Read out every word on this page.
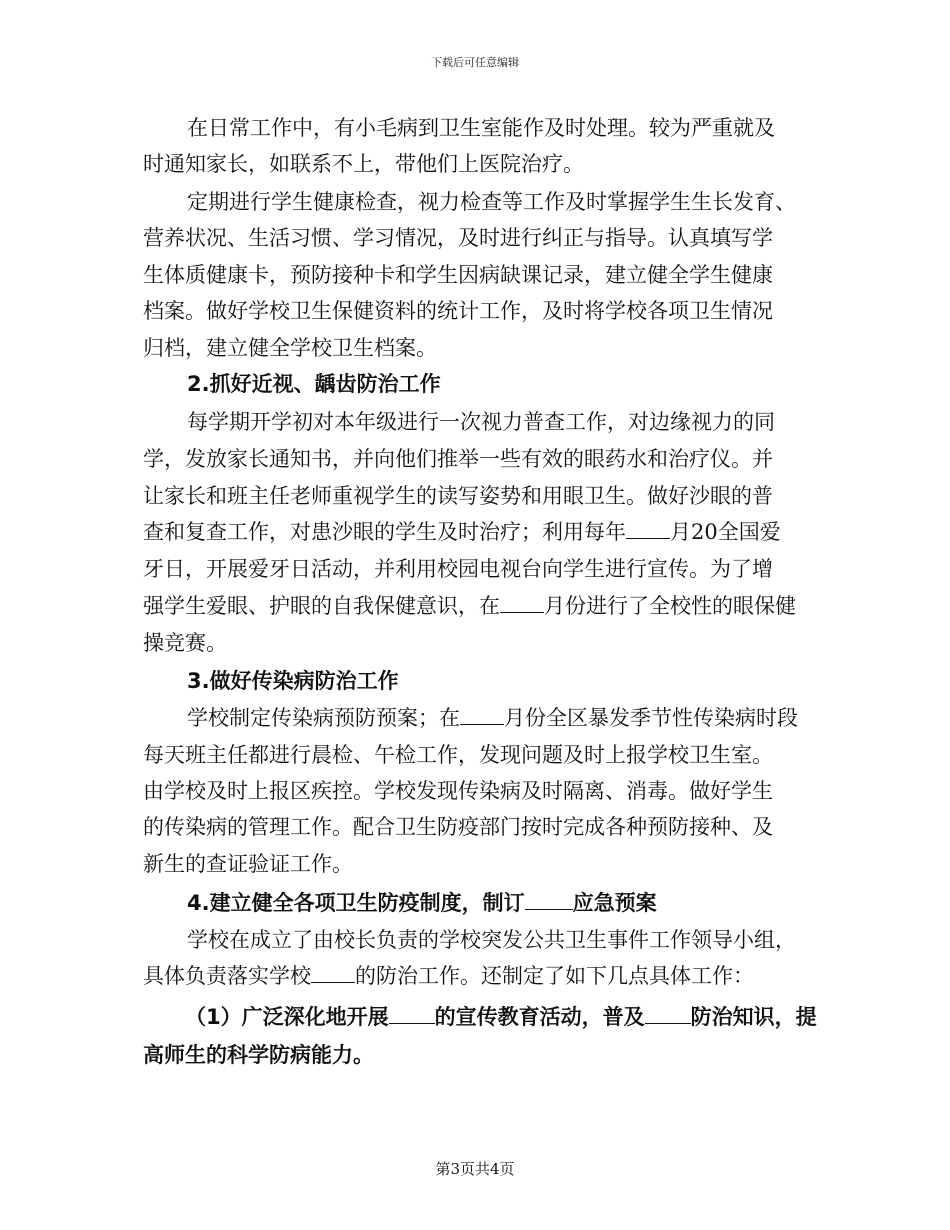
下载后可任意编辑
在日常工作中，有小毛病到卫生室能作及时处理。较为严重就及
时通知家长，如联系不上，带他们上医院治疗。
定期进行学生健康检查，视力检查等工作及时掌握学生生长发育、
营养状况、生活习惯、学习情况，及时进行纠正与指导。认真填写学
生体质健康卡，预防接种卡和学生因病缺课记录，建立健全学生健康
档案。做好学校卫生保健资料的统计工作，及时将学校各项卫生情况
归档，建立健全学校卫生档案。
2.抓好近视、龋齿防治工作
每学期开学初对本年级进行一次视力普查工作，对边缘视力的同
学，发放家长通知书，并向他们推举一些有效的眼药水和治疗仪。并
让家长和班主任老师重视学生的读写姿势和用眼卫生。做好沙眼的普
查和复查工作，对患沙眼的学生及时治疗；利用每年 月20全国爱
牙日，开展爱牙日活动，并利用校园电视台向学生进行宣传。为了增
强学生爱眼、护眼的自我保健意识，在 月份进行了全校性的眼保健
操竞赛。
3.做好传染病防治工作
学校制定传染病预防预案；在 月份全区暴发季节性传染病时段
每天班主任都进行晨检、午检工作，发现问题及时上报学校卫生室。
由学校及时上报区疾控。学校发现传染病及时隔离、消毒。做好学生
的传染病的管理工作。配合卫生防疫部门按时完成各种预防接种、及
新生的查证验证工作。
4.建立健全各项卫生防疫制度，制订 应急预案
学校在成立了由校长负责的学校突发公共卫生事件工作领导小组，
具体负责落实学校 的防治工作。还制定了如下几点具体工作：
（1）广泛深化地开展 的宣传教育活动，普及 防治知识，提
高师生的科学防病能力。
第3页共4页
